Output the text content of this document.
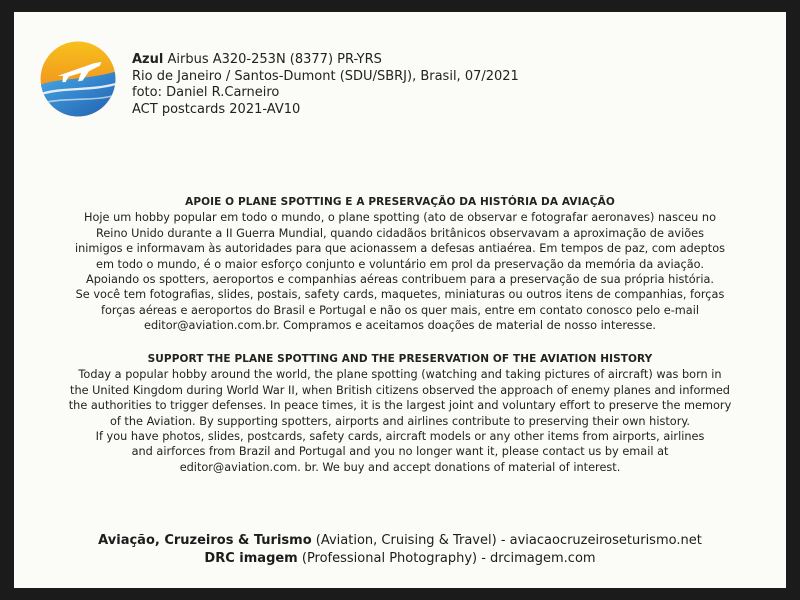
Azul Airbus A320-253N (8377) PR-YRS
Rio de Janeiro / Santos-Dumont (SDU/SBRJ), Brasil, 07/2021
foto: Daniel R.Carneiro
ACT postcards 2021-AV10
APOIE O PLANE SPOTTING E A PRESERVAÇÃO DA HISTÓRIA DA AVIAÇÃO

Hoje um hobby popular em todo o mundo, o plane spotting (ato de observar e fotografar aeronaves) nasceu no

Reino Unido durante a II Guerra Mundial, quando cidadãos britânicos observavam a aproximação de aviões

inimigos e informavam às autoridades para que acionassem a defesas antiaérea. Em tempos de paz, com adeptos

em todo o mundo, é o maior esforço conjunto e voluntário em prol da preservação da memória da aviação.

Apoiando os spotters, aeroportos e companhias aéreas contribuem para a preservação de sua própria história.

Se você tem fotografias, slides, postais, safety cards, maquetes, miniaturas ou outros itens de companhias, forças

forças aéreas e aeroportos do Brasil e Portugal e não os quer mais, entre em contato conosco pelo e-mail

editor@aviation.com.br. Compramos e aceitamos doações de material de nosso interesse.

SUPPORT THE PLANE SPOTTING AND THE PRESERVATION OF THE AVIATION HISTORY

Today a popular hobby around the world, the plane spotting (watching and taking pictures of aircraft) was born in

the United Kingdom during World War II, when British citizens observed the approach of enemy planes and informed

the authorities to trigger defenses. In peace times, it is the largest joint and voluntary effort to preserve the memory

of the Aviation. By supporting spotters, airports and airlines contribute to preserving their own history.

If you have photos, slides, postcards, safety cards, aircraft models or any other items from airports, airlines

and airforces from Brazil and Portugal and you no longer want it, please contact us by email at

editor@aviation.com. br. We buy and accept donations of material of interest.

Aviação, Cruzeiros & Turismo (Aviation, Cruising & Travel) - aviacaocruzeiroseturismo.net
DRC imagem (Professional Photography) - drcimagem.com
